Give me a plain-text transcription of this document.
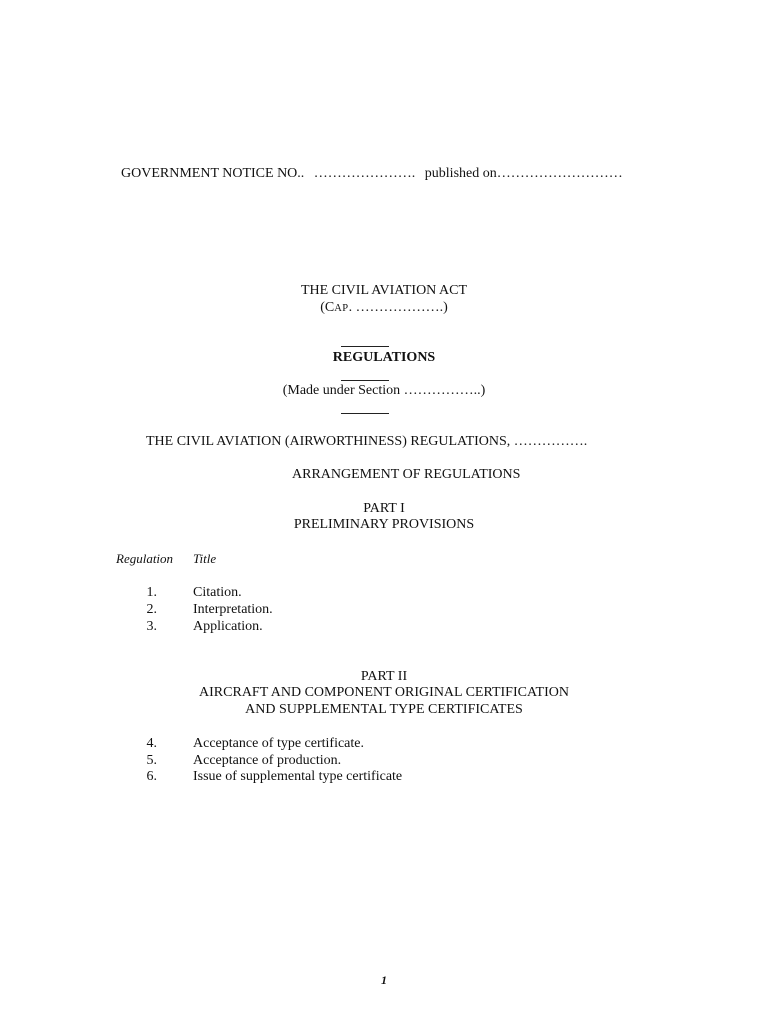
GOVERNMENT NOTICE NO.. …………………. published on………………………
THE CIVIL AVIATION ACT
(CAP. ……………….)
REGULATIONS
(Made under Section ……………..)
THE CIVIL AVIATION (AIRWORTHINESS) REGULATIONS, …………….
ARRANGEMENT OF REGULATIONS
PART I
PRELIMINARY PROVISIONS
Regulation Title
1.	Citation.
2.	Interpretation.
3.	Application.
PART II
AIRCRAFT AND COMPONENT ORIGINAL CERTIFICATION
AND SUPPLEMENTAL TYPE CERTIFICATES
4.	Acceptance of type certificate.
5.	Acceptance of production.
6.	Issue of supplemental type certificate
1
